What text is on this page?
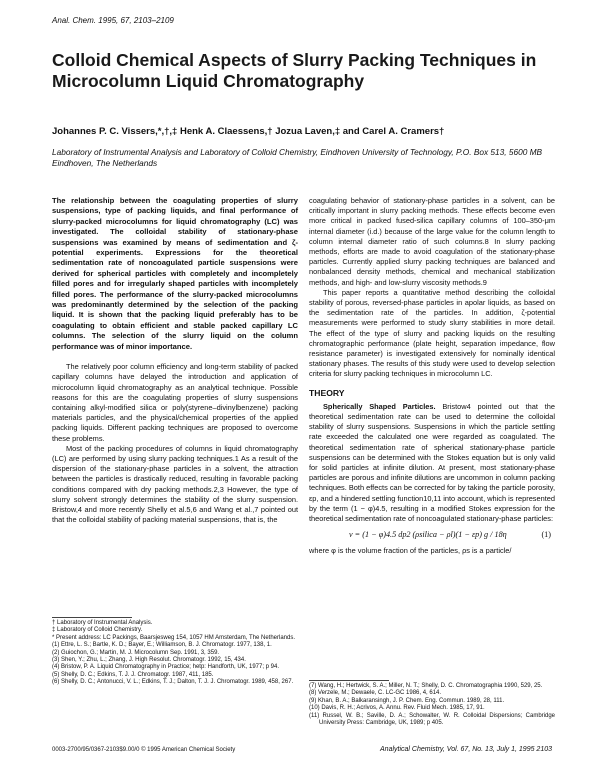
Anal. Chem. 1995, 67, 2103–2109
Colloid Chemical Aspects of Slurry Packing Techniques in Microcolumn Liquid Chromatography
Johannes P. C. Vissers,*,†,‡ Henk A. Claessens,† Jozua Laven,‡ and Carel A. Cramers†
Laboratory of Instrumental Analysis and Laboratory of Colloid Chemistry, Eindhoven University of Technology, P.O. Box 513, 5600 MB Eindhoven, The Netherlands

The relationship between the coagulating properties of slurry suspensions, type of packing liquids, and final performance of slurry-packed microcolumns for liquid chromatography (LC) was investigated. The colloidal stability of stationary-phase suspensions was examined by means of sedimentation and ζ-potential experiments. Expressions for the theoretical sedimentation rate of noncoagulated particle suspensions were derived for spherical particles with completely and incompletely filled pores and for irregularly shaped particles with incompletely filled pores. The performance of the slurry-packed microcolumns was predominantly determined by the selection of the packing liquid. It is shown that the packing liquid preferably has to be coagulating to obtain efficient and stable packed capillary LC columns. The selection of the slurry liquid on the column performance was of minor importance.

The relatively poor column efficiency and long-term stability of packed capillary columns have delayed the introduction and application of microcolumn liquid chromatography as an analytical technique. Possible reasons for this are the coagulating properties of slurry suspensions containing alkyl-modified silica or poly(styrene–divinylbenzene) packing materials particles, and the physical/chemical properties of the applied packing liquids. Different packing techniques are proposed to overcome these problems.

Most of the packing procedures of columns in liquid chromatography (LC) are performed by using slurry packing techniques.1 As a result of the dispersion of the stationary-phase particles in a solvent, the attraction between the particles is drastically reduced, resulting in favorable packing conditions compared with dry packing methods.2,3 However, the type of slurry solvent strongly determines the stability of the slurry suspension. Bristow,4 and more recently Shelly et al.5,6 and Wang et al.,7 pointed out that the colloidal stability of packing material suspensions, that is, the

† Laboratory of Instrumental Analysis.

‡ Laboratory of Colloid Chemistry.

* Present address: LC Packings, Baarsjesweg 154, 1057 HM Amsterdam, The Netherlands.

(1) Ettre, L. S.; Bartle, K. D.; Bayer, E.; Williamson, B. J. Chromatogr. 1977, 138, 1.

(2) Guiochon, G.; Martin, M. J. Microcolumn Sep. 1991, 3, 359.

(3) Shen, Y.; Zhu, L.; Zhang, J. High Resolut. Chromatogr. 1992, 15, 434.

(4) Bristow, P. A. Liquid Chromatography in Practice; hetp: Handforth, UK, 1977; p 94.

(5) Shelly, D. C.; Edkins, T. J. J. Chromatogr. 1987, 411, 185.

(6) Shelly, D. C.; Antonucci, V. L.; Edkins, T. J.; Dalton, T. J. J. Chromatogr. 1989, 458, 267.

coagulating behavior of stationary-phase particles in a solvent, can be critically important in slurry packing methods. These effects become even more critical in packed fused-silica capillary columns of 100–350-μm internal diameter (i.d.) because of the large value for the column length to column internal diameter ratio of such columns.8 In slurry packing methods, efforts are made to avoid coagulation of the stationary-phase particles. Currently applied slurry packing techniques are balanced and nonbalanced density methods, chemical and mechanical stabilization methods, and high- and low-slurry viscosity methods.9

This paper reports a quantitative method describing the colloidal stability of porous, reversed-phase particles in apolar liquids, as based on the sedimentation rate of the particles. In addition, ζ-potential measurements were performed to study slurry stabilities in more detail. The effect of the type of slurry and packing liquids on the resulting chromatographic performance (plate height, separation impedance, flow resistance parameter) is investigated extensively for nominally identical stationary phases. The results of this study were used to develop selection criteria for slurry packing techniques in microcolumn LC.

THEORY

Spherically Shaped Particles. Bristow4 pointed out that the theoretical sedimentation rate can be used to determine the colloidal stability of slurry suspensions. Suspensions in which the particle settling rate exceeded the calculated one were regarded as coagulated. The theoretical sedimentation rate of spherical stationary-phase particle suspensions can be determined with the Stokes equation but is only valid for solid particles at infinite dilution. At present, most stationary-phase particles are porous and infinite dilutions are uncommon in column packing techniques. Both effects can be corrected for by taking the particle porosity, εp, and a hindered settling function10,11 into account, which is represented by the term (1 − φ)4.5, resulting in a modified Stokes expression for the theoretical sedimentation rate of noncoagulated stationary-phase particles:

v = (1 − φ)4.5 dp2 (ρsilica − ρl)(1 − εp) g / 18η	(1)

where φ is the volume fraction of the particles, ρs is a particle/

(7) Wang, H.; Hertwick, S. A.; Miller, N. T.; Shelly, D. C. Chromatographia 1990, 529, 25.

(8) Verzele, M.; Dewaele, C. LC-GC 1986, 4, 614.

(9) Khan, B. A.; Balkaransingh, J. P. Chem. Eng. Commun. 1989, 28, 111.

(10) Davis, R. H.; Acrivos, A. Annu. Rev. Fluid Mech. 1985, 17, 91.

(11) Russel, W. B.; Saville, D. A.; Schowalter, W. R. Colloidal Dispersions; Cambridge University Press: Cambridge, UK, 1989; p 405.

0003-2700/95/0367-2103$9.00/0 © 1995 American Chemical Society	Analytical Chemistry, Vol. 67, No. 13, July 1, 1995 2103
